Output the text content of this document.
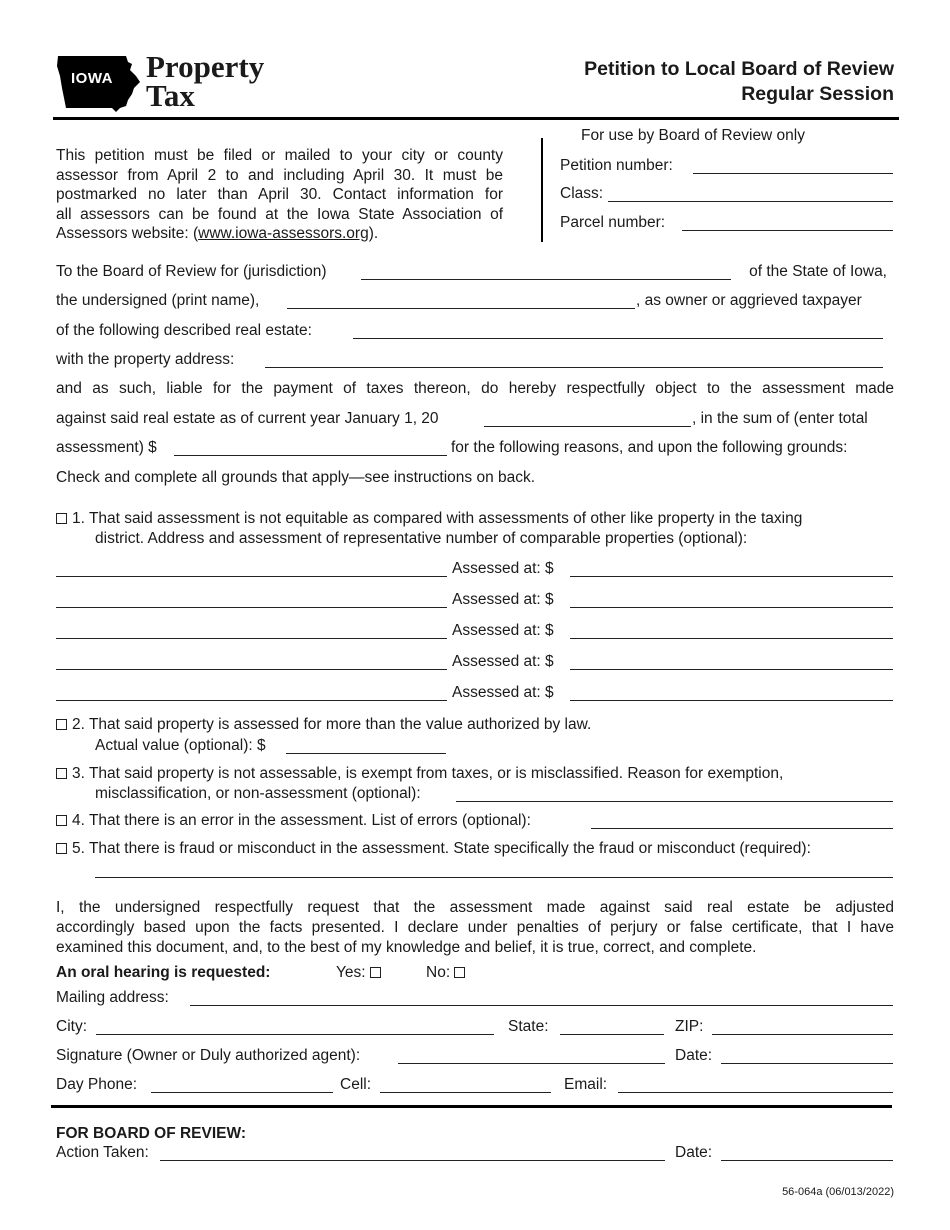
IOWA	Property
Tax
Petition to Local Board of Review
Regular Session
This petition must be filed or mailed to your city or county
assessor from April 2 to and including April 30. It must be
postmarked no later than April 30. Contact information for
all assessors can be found at the Iowa State Association of
Assessors website: (www.iowa-assessors.org).
For use by Board of Review only
Petition number:
Class:
Parcel number:
To the Board of Review for (jurisdiction)	of the State of Iowa,
the undersigned (print name),	, as owner or aggrieved taxpayer
of the following described real estate:
with the property address:
and as such, liable for the payment of taxes thereon, do hereby respectfully object to the assessment made
against said real estate as of current year January 1, 20	, in the sum of (enter total
assessment) $	for the following reasons, and upon the following grounds:
Check and complete all grounds that apply—see instructions on back.
1. That said assessment is not equitable as compared with assessments of other like property in the taxing
district. Address and assessment of representative number of comparable properties (optional):
Assessed at: $
Assessed at: $
Assessed at: $
Assessed at: $
Assessed at: $
2. That said property is assessed for more than the value authorized by law.
Actual value (optional): $
3. That said property is not assessable, is exempt from taxes, or is misclassified. Reason for exemption,
misclassification, or non-assessment (optional):
4. That there is an error in the assessment. List of errors (optional):
5. That there is fraud or misconduct in the assessment. State specifically the fraud or misconduct (required):
I, the undersigned respectfully request that the assessment made against said real estate be adjusted
accordingly based upon the facts presented. I declare under penalties of perjury or false certificate, that I have
examined this document, and, to the best of my knowledge and belief, it is true, correct, and complete.
An oral hearing is requested:	Yes:	No:
Mailing address:
City:	State:	ZIP:
Signature (Owner or Duly authorized agent):	Date:
Day Phone:	Cell:	Email:
FOR BOARD OF REVIEW:
Action Taken:	Date:
56-064a (06/013/2022)
